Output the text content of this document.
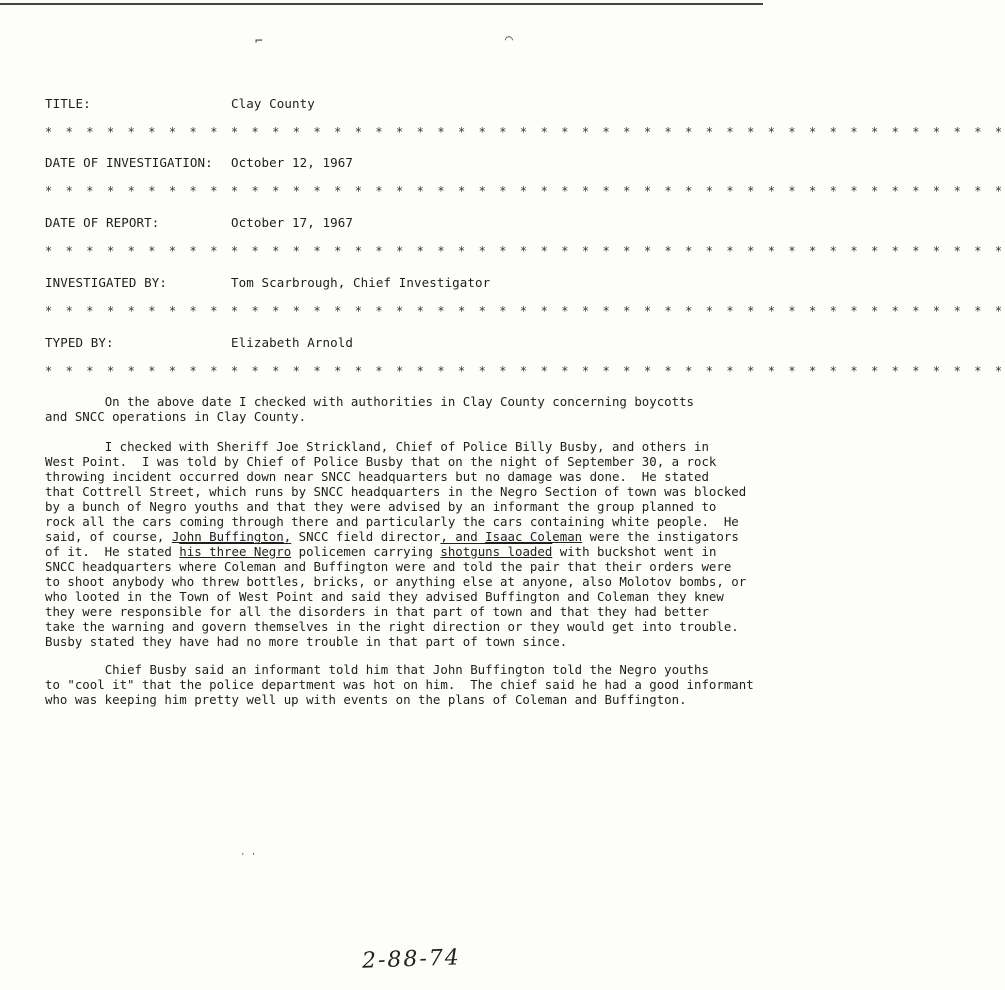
⌐	⌒
TITLE:	Clay County
* * * * * * * * * * * * * * * * * * * * * * * * * * * * * * * * * * * * * * * * * * * * * * *
DATE OF INVESTIGATION: October 12, 1967
* * * * * * * * * * * * * * * * * * * * * * * * * * * * * * * * * * * * * * * * * * * * * * *
DATE OF REPORT:	October 17, 1967
* * * * * * * * * * * * * * * * * * * * * * * * * * * * * * * * * * * * * * * * * * * * * * *
INVESTIGATED BY:	Tom Scarbrough, Chief Investigator
* * * * * * * * * * * * * * * * * * * * * * * * * * * * * * * * * * * * * * * * * * * * * * *
TYPED BY:	Elizabeth Arnold
* * * * * * * * * * * * * * * * * * * * * * * * * * * * * * * * * * * * * * * * * * * * * * *
On the above date I checked with authorities in Clay County concerning boycotts
and SNCC operations in Clay County.
I checked with Sheriff Joe Strickland, Chief of Police Billy Busby, and others in
West Point.  I was told by Chief of Police Busby that on the night of September 30, a rock
throwing incident occurred down near SNCC headquarters but no damage was done.  He stated
that Cottrell Street, which runs by SNCC headquarters in the Negro Section of town was blocked
by a bunch of Negro youths and that they were advised by an informant the group planned to
rock all the cars coming through there and particularly the cars containing white people.  He
said, of course, John Buffington, SNCC field director, and Isaac Coleman were the instigators
of it.  He stated his three Negro policemen carrying shotguns loaded with buckshot went in
SNCC headquarters where Coleman and Buffington were and told the pair that their orders were
to shoot anybody who threw bottles, bricks, or anything else at anyone, also Molotov bombs, or
who looted in the Town of West Point and said they advised Buffington and Coleman they knew
they were responsible for all the disorders in that part of town and that they had better
take the warning and govern themselves in the right direction or they would get into trouble.
Busby stated they have had no more trouble in that part of town since.
Chief Busby said an informant told him that John Buffington told the Negro youths
to "cool it" that the police department was hot on him.  The chief said he had a good informant
who was keeping him pretty well up with events on the plans of Coleman and Buffington.
· ·
2-88-74
